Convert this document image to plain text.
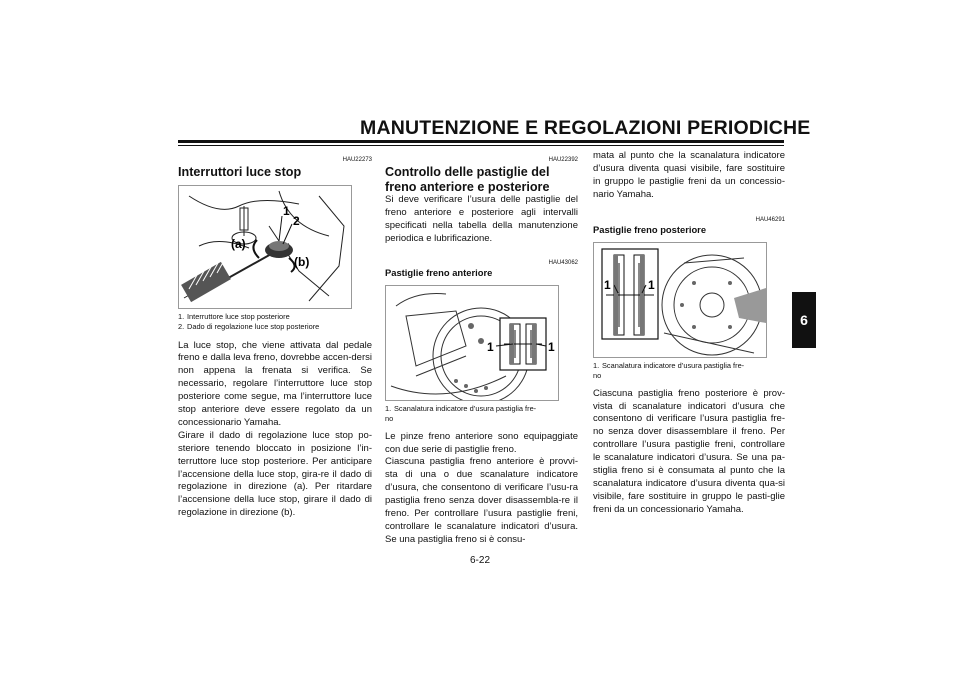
MANUTENZIONE E REGOLAZIONI PERIODICHE
6
HAU22273
Interruttori luce stop
1
2
(a)
(b)

1. Interruttore luce stop posteriore

2. Dado di regolazione luce stop posteriore

La luce stop, che viene attivata dal pedale freno e dalla leva freno, dovrebbe accen-dersi non appena la frenata si verifica. Se necessario, regolare l’interruttore luce stop posteriore come segue, ma l’interruttore luce stop anteriore deve essere regolato da un concessionario Yamaha.

Girare il dado di regolazione luce stop po-steriore tenendo bloccato in posizione l’in-terruttore luce stop posteriore. Per anticipare l’accensione della luce stop, gira-re il dado di regolazione in direzione (a). Per ritardare l’accensione della luce stop, girare il dado di regolazione in direzione (b).

HAU22392
Controllo delle pastiglie del freno anteriore e posteriore

Si deve verificare l’usura delle pastiglie del freno anteriore e posteriore agli intervalli specificati nella tabella della manutenzione periodica e lubrificazione.

HAU43062
Pastiglie freno anteriore
1	1

1. Scanalatura indicatore d’usura pastiglia fre-

no

Le pinze freno anteriore sono equipaggiate con due serie di pastiglie freno.

Ciascuna pastiglia freno anteriore è provvi-sta di una o due scanalature indicatore d’usura, che consentono di verificare l’usu-ra pastiglia freno senza dover disassembla-re il freno. Per controllare l’usura pastiglie freni, controllare le scanalature indicatori d’usura. Se una pastiglia freno si è consu-

mata al punto che la scanalatura indicatore d’usura diventa quasi visibile, fare sostituire in gruppo le pastiglie freni da un concessio-nario Yamaha.

HAU46291
Pastiglie freno posteriore
1	1

1. Scanalatura indicatore d’usura pastiglia fre-

no

Ciascuna pastiglia freno posteriore è prov-vista di scanalature indicatori d’usura che consentono di verificare l’usura pastiglia fre-no senza dover disassemblare il freno. Per controllare l’usura pastiglie freni, controllare le scanalature indicatori d’usura. Se una pa-stiglia freno si è consumata al punto che la scanalatura indicatore d’usura diventa qua-si visibile, fare sostituire in gruppo le pasti-glie freni da un concessionario Yamaha.

6-22
